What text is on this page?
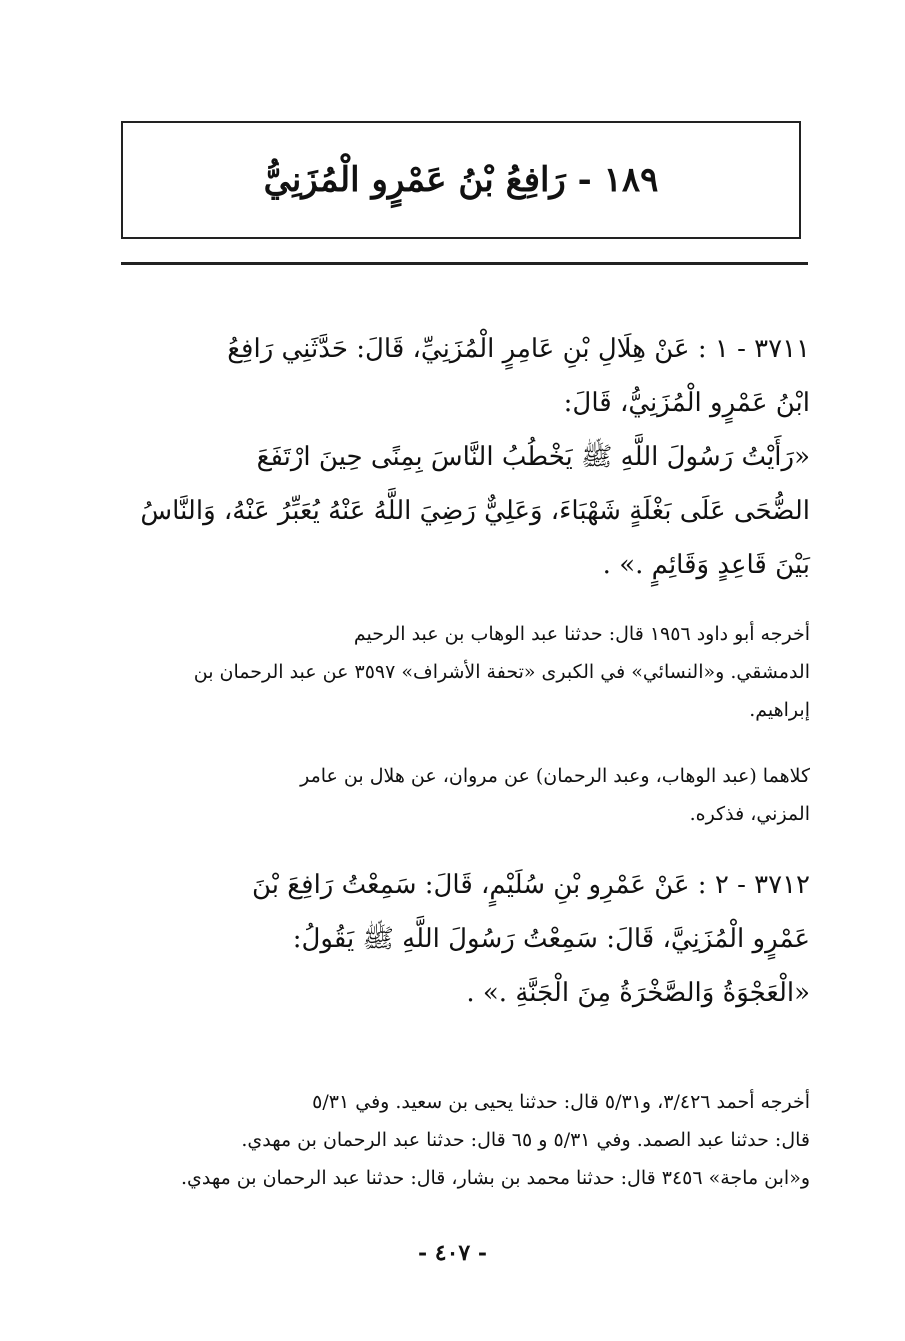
١٨٩ - رَافِعُ بْنُ عَمْرٍو الْمُزَنِيُّ
٣٧١١ - ١ : عَنْ هِلَالِ بْنِ عَامِرٍ الْمُزَنِيِّ، قَالَ: حَدَّثَنِي رَافِعُ
ابْنُ عَمْرٍو الْمُزَنِيُّ، قَالَ:
«رَأَيْتُ رَسُولَ اللَّهِ ﷺ يَخْطُبُ النَّاسَ بِمِنًى حِينَ ارْتَفَعَ
الضُّحَى عَلَى بَغْلَةٍ شَهْبَاءَ، وَعَلِيٌّ رَضِيَ اللَّهُ عَنْهُ يُعَبِّرُ عَنْهُ، وَالنَّاسُ
بَيْنَ قَاعِدٍ وَقَائِمٍ .» .
أخرجه أبو داود ١٩٥٦ قال: حدثنا عبد الوهاب بن عبد الرحيم
الدمشقي. و«النسائي» في الكبرى «تحفة الأشراف» ٣٥٩٧ عن عبد الرحمان بن
إبراهيم.
كلاهما (عبد الوهاب، وعبد الرحمان) عن مروان، عن هلال بن عامر
المزني، فذكره.
٣٧١٢ - ٢ : عَنْ عَمْرِو بْنِ سُلَيْمٍ، قَالَ: سَمِعْتُ رَافِعَ بْنَ
عَمْرٍو الْمُزَنِيَّ، قَالَ: سَمِعْتُ رَسُولَ اللَّهِ ﷺ يَقُولُ:
«الْعَجْوَةُ وَالصَّخْرَةُ مِنَ الْجَنَّةِ .» .
أخرجه أحمد ٣/٤٢٦، و٥/٣١ قال: حدثنا يحيى بن سعيد. وفي ٥/٣١
قال: حدثنا عبد الصمد. وفي ٥/٣١ و ٦٥ قال: حدثنا عبد الرحمان بن مهدي.
و«ابن ماجة» ٣٤٥٦ قال: حدثنا محمد بن بشار، قال: حدثنا عبد الرحمان بن مهدي.
- ٤٠٧ -
